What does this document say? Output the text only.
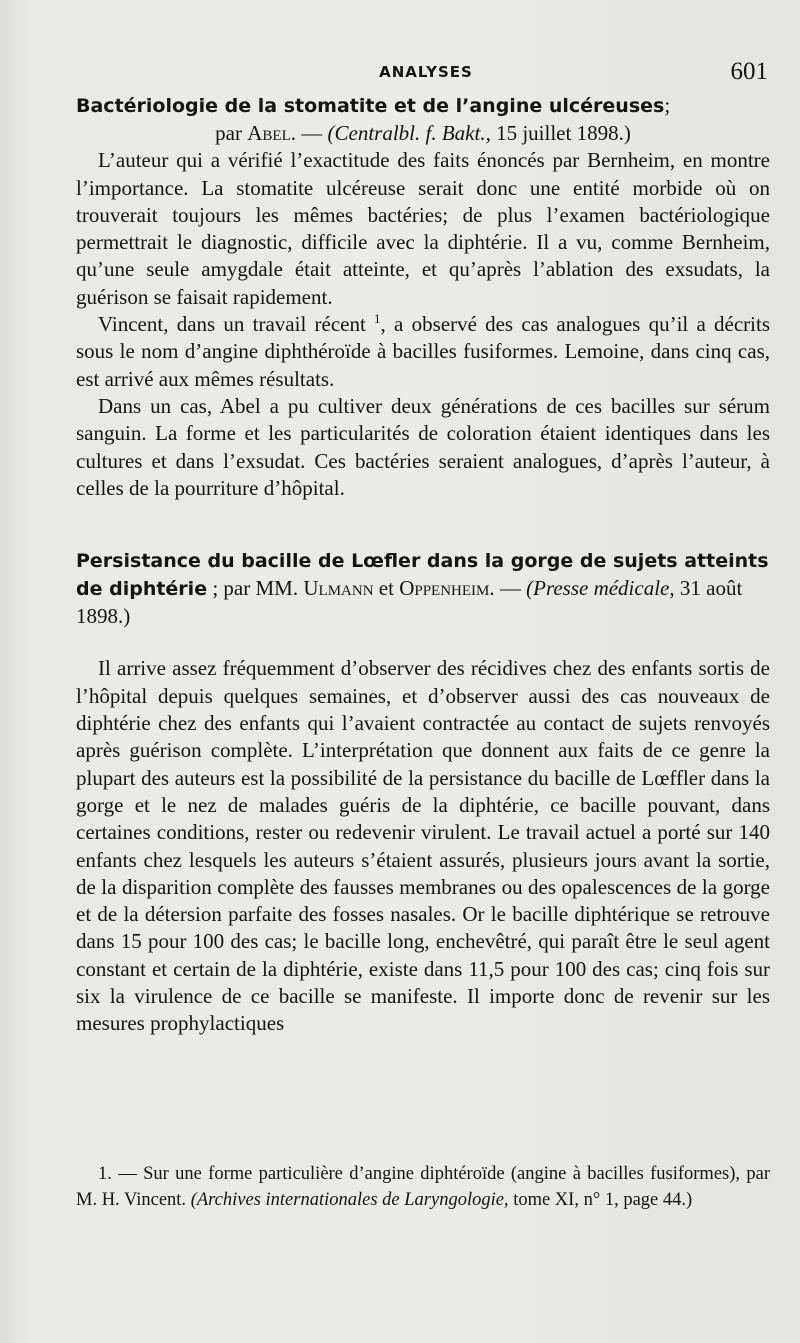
ANALYSES	601
Bactériologie de la stomatite et de l’angine ulcéreuses;
par Abel. — (Centralbl. f. Bakt., 15 juillet 1898.)

L’auteur qui a vérifié l’exactitude des faits énoncés par Bernheim, en montre l’importance. La stomatite ulcéreuse serait donc une entité morbide où on trouverait toujours les mêmes bactéries; de plus l’examen bactériologique permettrait le diagnostic, difficile avec la diphtérie. Il a vu, comme Bernheim, qu’une seule amygdale était atteinte, et qu’après l’ablation des exsudats, la guérison se faisait rapidement.

Vincent, dans un travail récent $^1$, a observé des cas analogues qu’il a décrits sous le nom d’angine diphthéroïde à bacilles fusiformes. Lemoine, dans cinq cas, est arrivé aux mêmes résultats.

Dans un cas, Abel a pu cultiver deux générations de ces bacilles sur sérum sanguin. La forme et les particularités de coloration étaient identiques dans les cultures et dans l’exsudat. Ces bactéries seraient analogues, d’après l’auteur, à celles de la pourriture d’hôpital.

Persistance du bacille de Lœfler dans la gorge de sujets atteints de diphtérie ; par MM. Ulmann et Oppenheim. — (Presse médicale, 31 août 1898.)

Il arrive assez fréquemment d’observer des récidives chez des enfants sortis de l’hôpital depuis quelques semaines, et d’observer aussi des cas nouveaux de diphtérie chez des enfants qui l’avaient contractée au contact de sujets renvoyés après guérison complète. L’interprétation que donnent aux faits de ce genre la plupart des auteurs est la possibilité de la persistance du bacille de Lœffler dans la gorge et le nez de malades guéris de la diphtérie, ce bacille pouvant, dans certaines conditions, rester ou redevenir virulent. Le travail actuel a porté sur 140 enfants chez lesquels les auteurs s’étaient assurés, plusieurs jours avant la sortie, de la disparition complète des fausses membranes ou des opalescences de la gorge et de la détersion parfaite des fosses nasales. Or le bacille diphtérique se retrouve dans 15 pour 100 des cas; le bacille long, enchevêtré, qui paraît être le seul agent constant et certain de la diphtérie, existe dans 11,5 pour 100 des cas; cinq fois sur six la virulence de ce bacille se manifeste. Il importe donc de revenir sur les mesures prophylactiques

1. — Sur une forme particulière d’angine diphtéroïde (angine à bacilles fusiformes), par M. H. Vincent. (Archives internationales de Laryngologie, tome XI, n° 1, page 44.)
